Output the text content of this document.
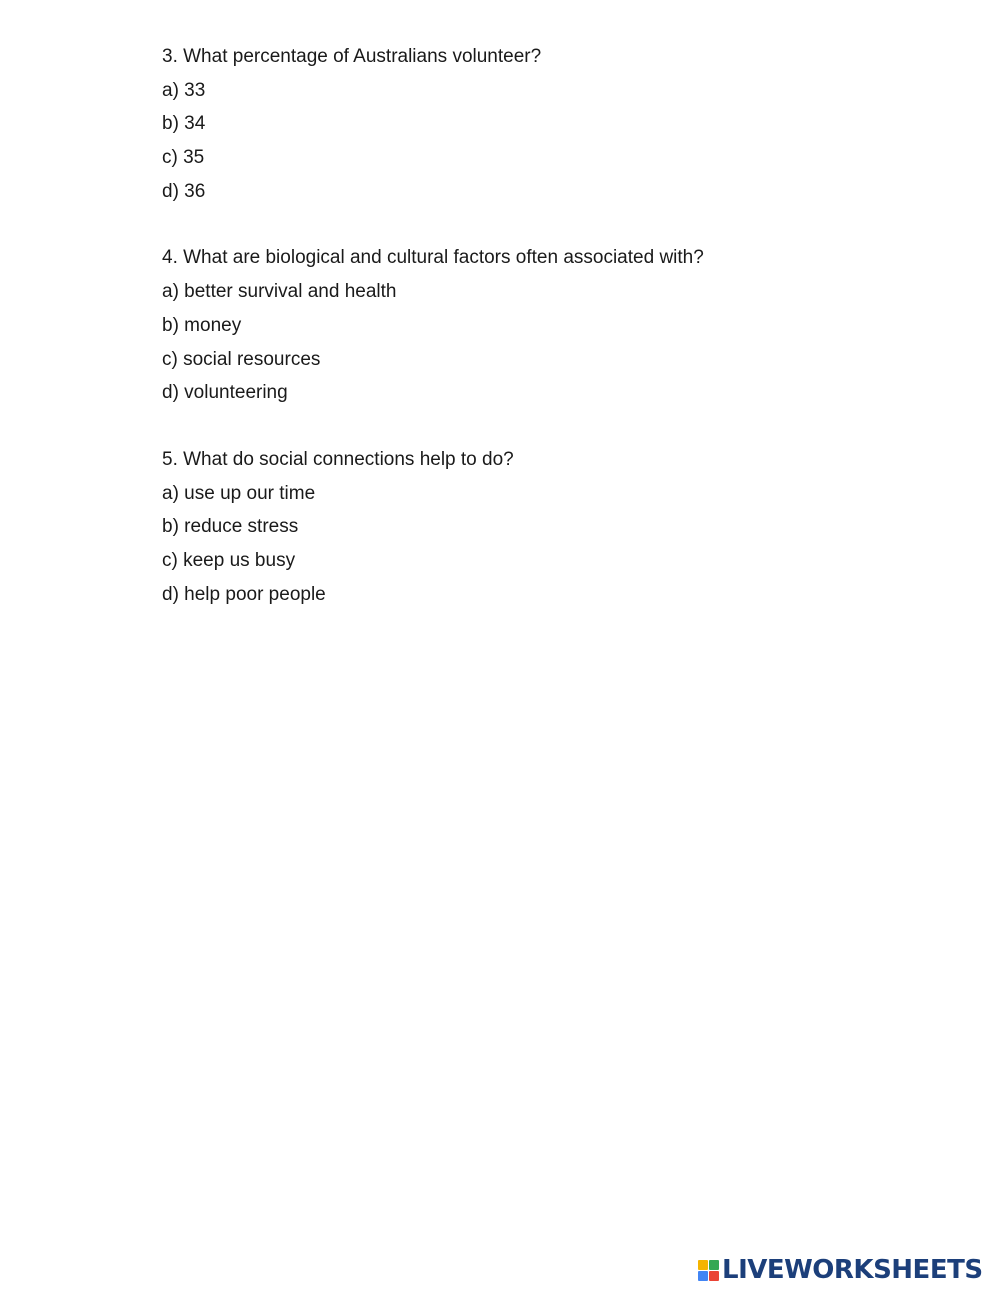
3. What percentage of Australians volunteer?
a) 33
b) 34
c) 35
d) 36
4. What are biological and cultural factors often associated with?
a) better survival and health
b) money
c) social resources
d) volunteering
5. What do social connections help to do?
a) use up our time
b) reduce stress
c) keep us busy
d) help poor people
LIVEWORKSHEETS
